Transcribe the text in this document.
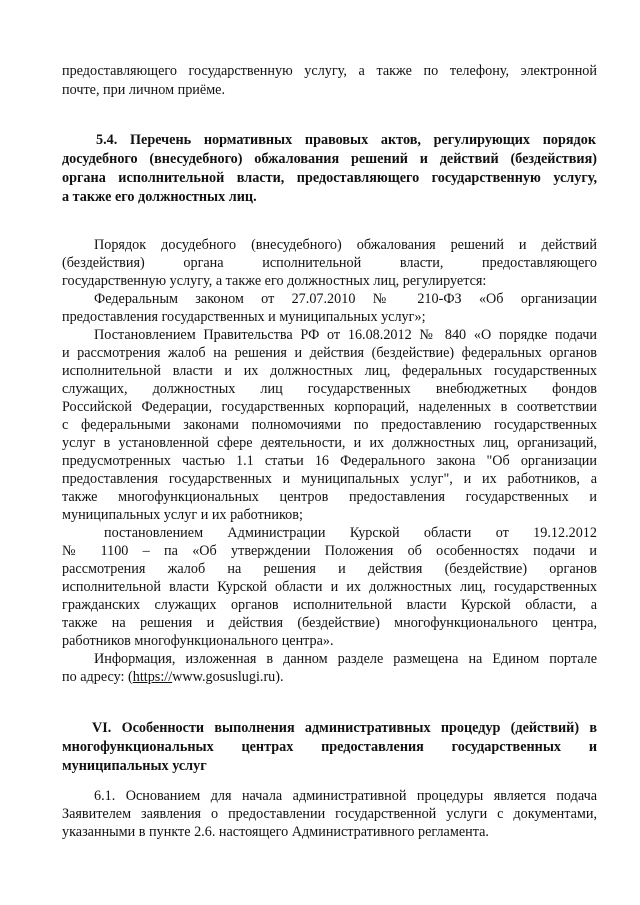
предоставляющего государственную услугу, а также по телефону, электронной
почте, при личном приёме.
5.4. Перечень нормативных правовых актов, регулирующих порядок
досудебного (внесудебного) обжалования решений и действий (бездействия)
органа исполнительной власти, предоставляющего государственную услугу,
а также его должностных лиц.
Порядок досудебного (внесудебного) обжалования решений и действий
(бездействия) органа исполнительной власти, предоставляющего
государственную услугу, а также его должностных лиц, регулируется:
Федеральным законом от 27.07.2010 № 210-ФЗ «Об организации
предоставления государственных и муниципальных услуг»;
Постановлением Правительства РФ от 16.08.2012 № 840 «О порядке подачи
и рассмотрения жалоб на решения и действия (бездействие) федеральных органов
исполнительной власти и их должностных лиц, федеральных государственных
служащих, должностных лиц государственных внебюджетных фондов
Российской Федерации, государственных корпораций, наделенных в соответствии
с федеральными законами полномочиями по предоставлению государственных
услуг в установленной сфере деятельности, и их должностных лиц, организаций,
предусмотренных частью 1.1 статьи 16 Федерального закона "Об организации
предоставления государственных и муниципальных услуг", и их работников, а
также многофункциональных центров предоставления государственных и
муниципальных услуг и их работников;
постановлением Администрации Курской области от 19.12.2012
№ 1100 – па «Об утверждении Положения об особенностях подачи и
рассмотрения жалоб на решения и действия (бездействие) органов
исполнительной власти Курской области и их должностных лиц, государственных
гражданских служащих органов исполнительной власти Курской области, а
также на решения и действия (бездействие) многофункционального центра,
работников многофункционального центра».
Информация, изложенная в данном разделе размещена на Едином портале
по адресу: (https://www.gosuslugi.ru).
VI. Особенности выполнения административных процедур (действий) в
многофункциональных центрах предоставления государственных и
муниципальных услуг
6.1. Основанием для начала административной процедуры является подача
Заявителем заявления о предоставлении государственной услуги с документами,
указанными в пункте 2.6. настоящего Административного регламента.
